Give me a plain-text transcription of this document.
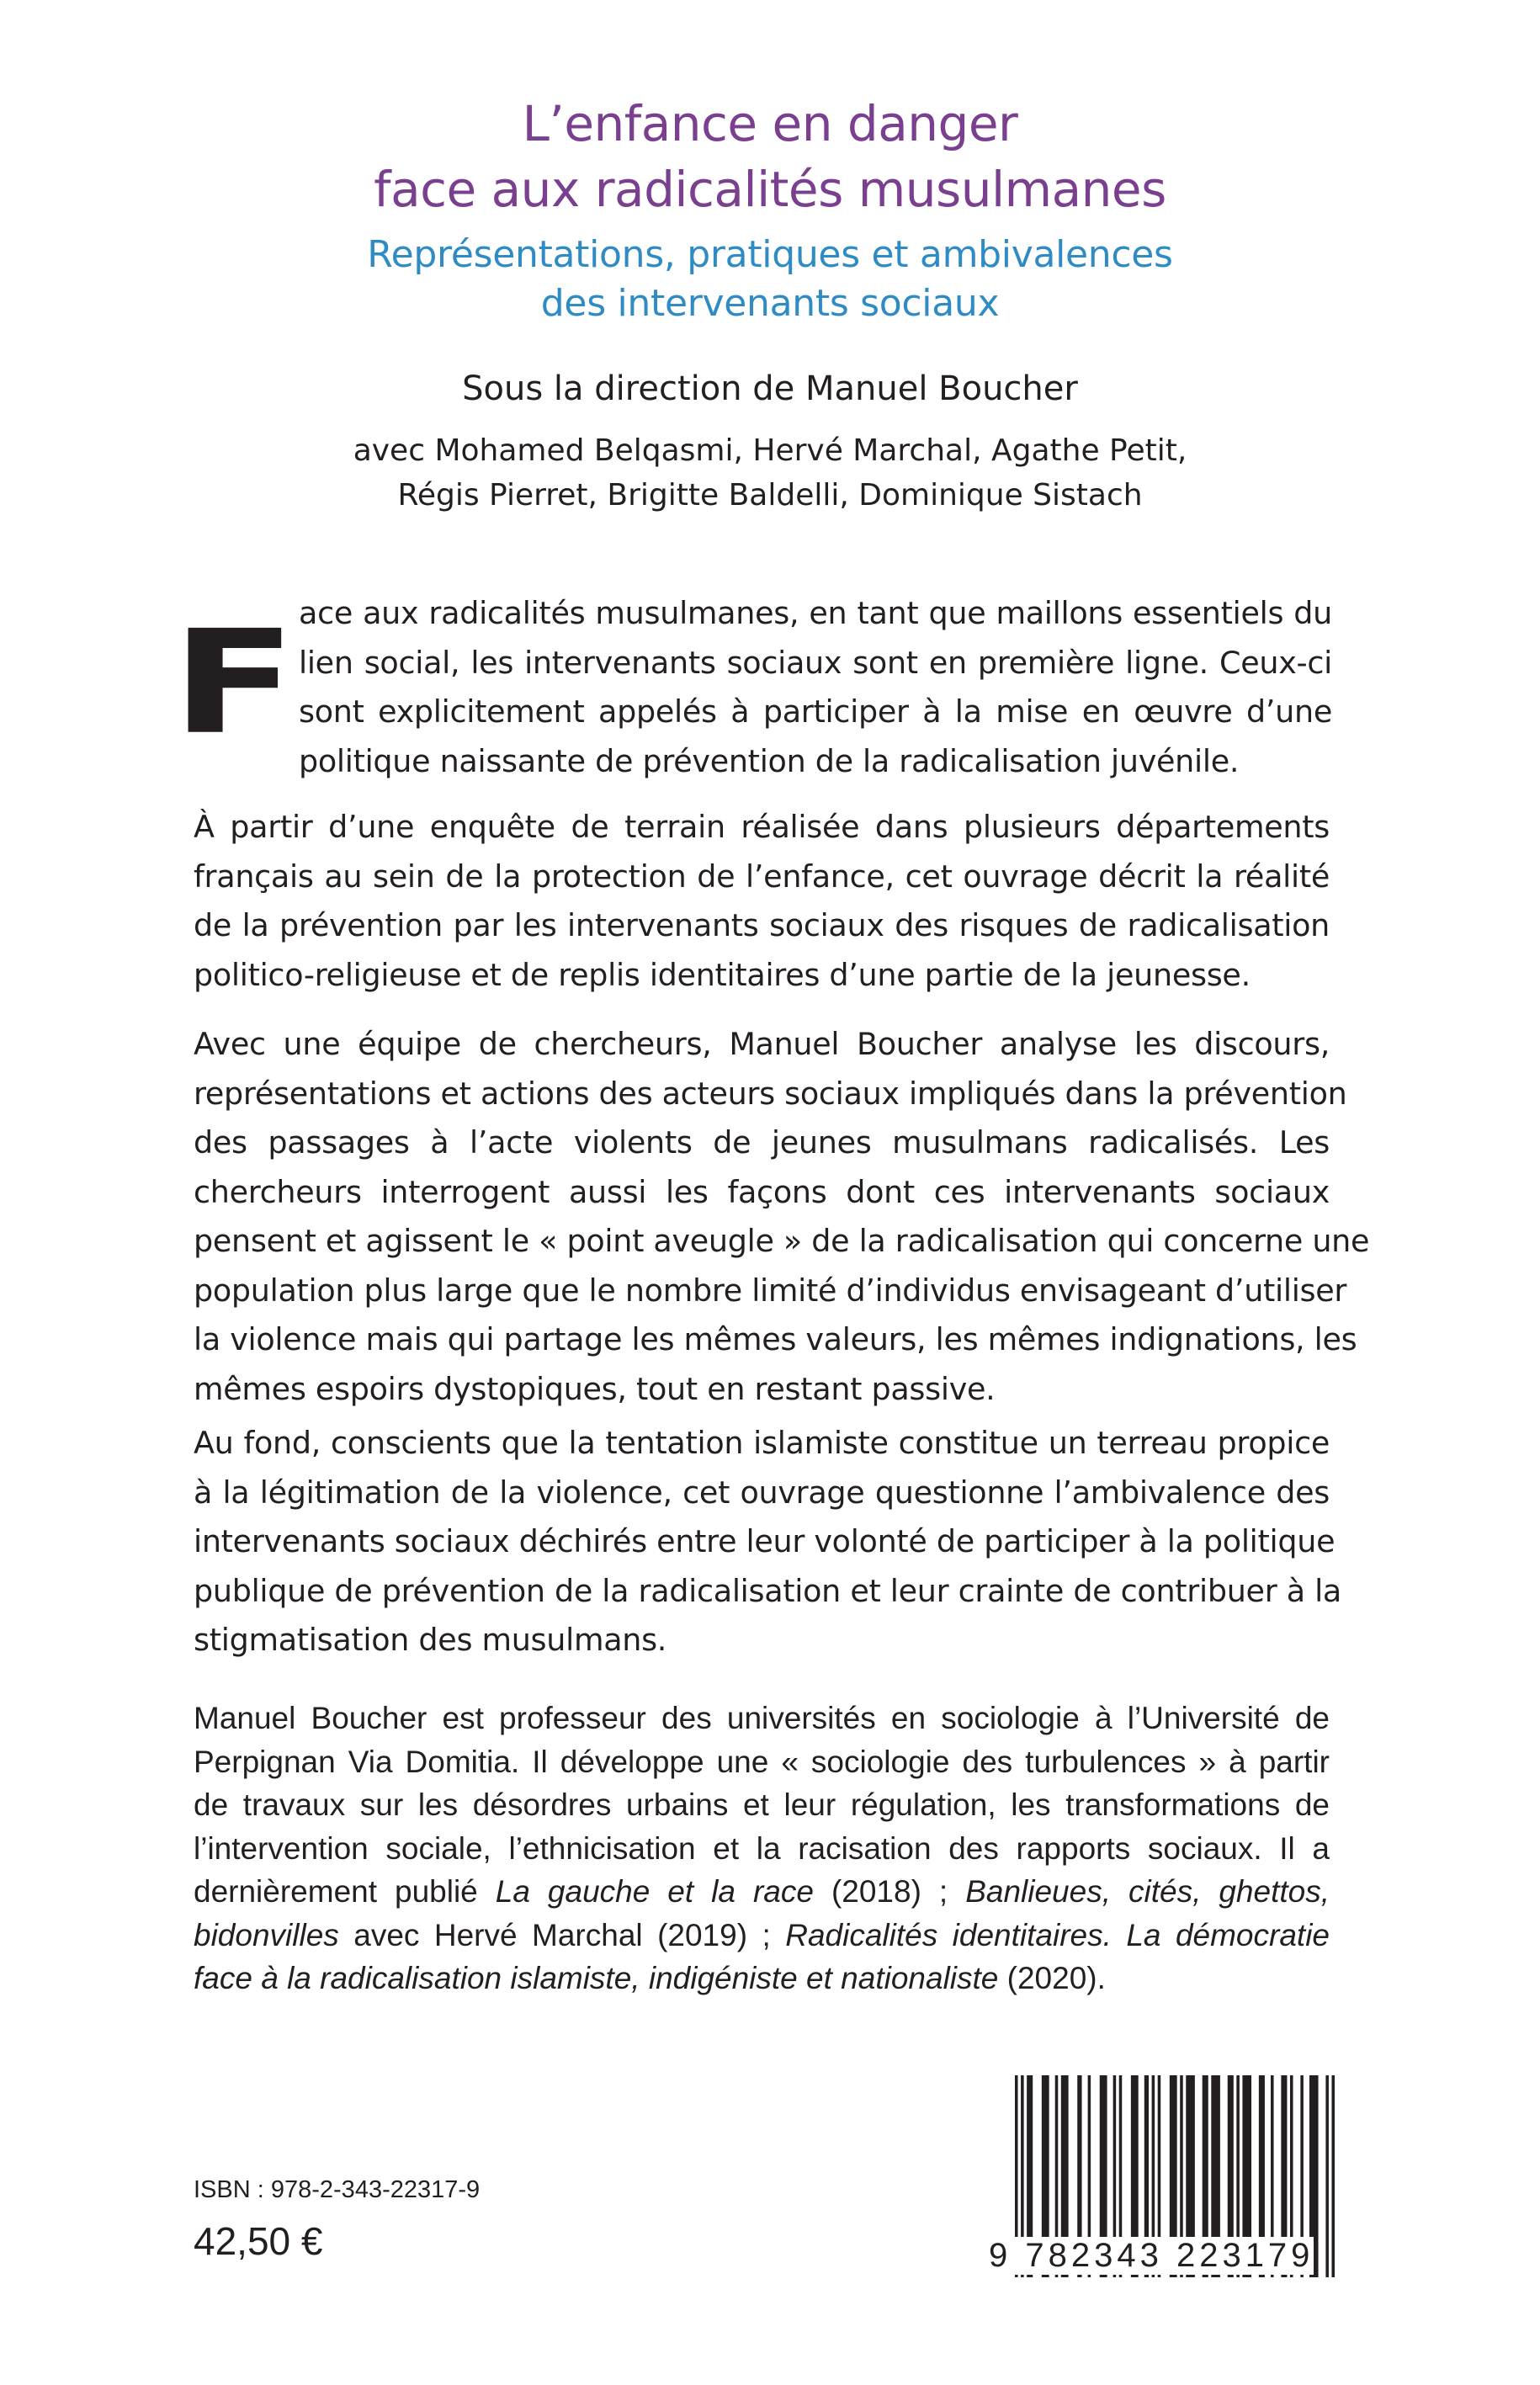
L’enfance en danger
face aux radicalités musulmanes
Représentations, pratiques et ambivalences
des intervenants sociaux
Sous la direction de Manuel Boucher
avec Mohamed Belqasmi, Hervé Marchal, Agathe Petit,
Régis Pierret, Brigitte Baldelli, Dominique Sistach
F ace aux radicalités musulmanes, en tant que maillons essentiels du
lien social, les intervenants sociaux sont en première ligne. Ceux-ci
sont explicitement appelés à participer à la mise en œuvre d’une
politique naissante de prévention de la radicalisation juvénile.
À partir d’une enquête de terrain réalisée dans plusieurs départements
français au sein de la protection de l’enfance, cet ouvrage décrit la réalité
de la prévention par les intervenants sociaux des risques de radicalisation
politico-religieuse et de replis identitaires d’une partie de la jeunesse.
Avec une équipe de chercheurs, Manuel Boucher analyse les discours,
représentations et actions des acteurs sociaux impliqués dans la prévention
des passages à l’acte violents de jeunes musulmans radicalisés. Les
chercheurs interrogent aussi les façons dont ces intervenants sociaux
pensent et agissent le « point aveugle » de la radicalisation qui concerne une
population plus large que le nombre limité d’individus envisageant d’utiliser
la violence mais qui partage les mêmes valeurs, les mêmes indignations, les
mêmes espoirs dystopiques, tout en restant passive.
Au fond, conscients que la tentation islamiste constitue un terreau propice
à la légitimation de la violence, cet ouvrage questionne l’ambivalence des
intervenants sociaux déchirés entre leur volonté de participer à la politique
publique de prévention de la radicalisation et leur crainte de contribuer à la
stigmatisation des musulmans.
Manuel Boucher est professeur des universités en sociologie à l’Université de
Perpignan Via Domitia. Il développe une « sociologie des turbulences » à partir
de travaux sur les désordres urbains et leur régulation, les transformations de
l’intervention sociale, l’ethnicisation et la racisation des rapports sociaux. Il a
dernièrement publié La gauche et la race (2018) ; Banlieues, cités, ghettos,
bidonvilles avec Hervé Marchal (2019) ; Radicalités identitaires. La démocratie
face à la radicalisation islamiste, indigéniste et nationaliste (2020).
ISBN : 978-2-343-22317-9
42,50 €	9 782343 223179
